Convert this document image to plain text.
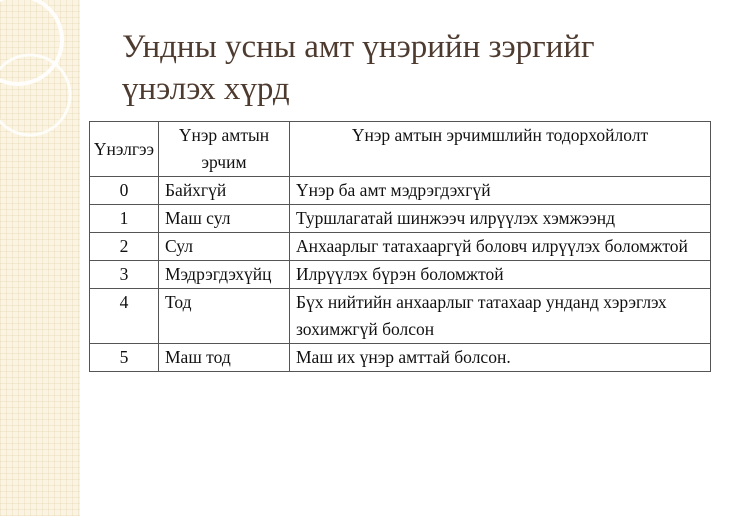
Ундны усны амт үнэрийн зэргийг
үнэлэх хүрд
Үнэлгээ	Үнэр амтын эрчим	Үнэр амтын эрчимшлийн тодорхойлолт
0	Байхгүй	Үнэр ба амт мэдрэгдэхгүй
1	Маш сул	Туршлагатай шинжээч илрүүлэх хэмжээнд
2	Сул	Анхаарлыг татахааргүй боловч илрүүлэх боломжтой
3	Мэдрэгдэхүйц	Илрүүлэх бүрэн боломжтой
4	Тод	Бүх нийтийн анхаарлыг татахаар унданд хэрэглэх зохимжгүй болсон
5	Маш тод	Маш их үнэр амттай болсон.
